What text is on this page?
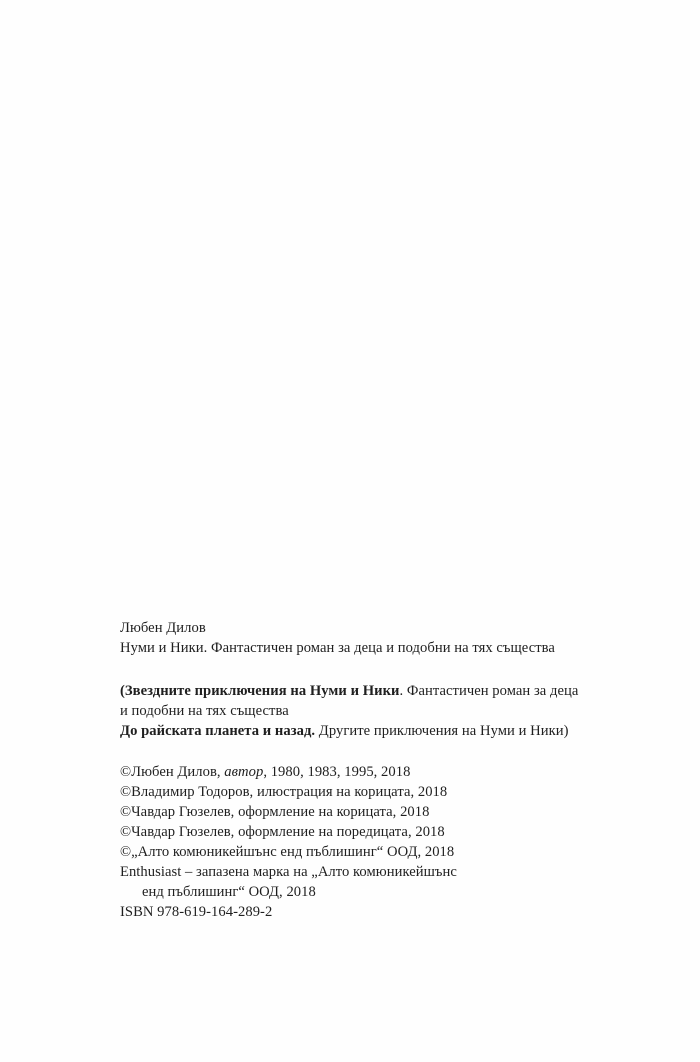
Любен Дилов

Нуми и Ники. Фантастичен роман за деца и подобни на тях същества

(Звездните приключения на Нуми и Ники. Фантастичен роман за деца

и подобни на тях същества

До райската планета и назад. Другите приключения на Нуми и Ники)

©Любен Дилов, автор, 1980, 1983, 1995, 2018

©Владимир Тодоров, илюстрация на корицата, 2018

©Чавдар Гюзелев, оформление на корицата, 2018

©Чавдар Гюзелев, оформление на поредицата, 2018

©„Алто комюникейшънс енд пъблишинг“ ООД, 2018

Enthusiast – запазена марка на „Алто комюникейшънс

енд пъблишинг“ ООД, 2018

ISBN 978-619-164-289-2
